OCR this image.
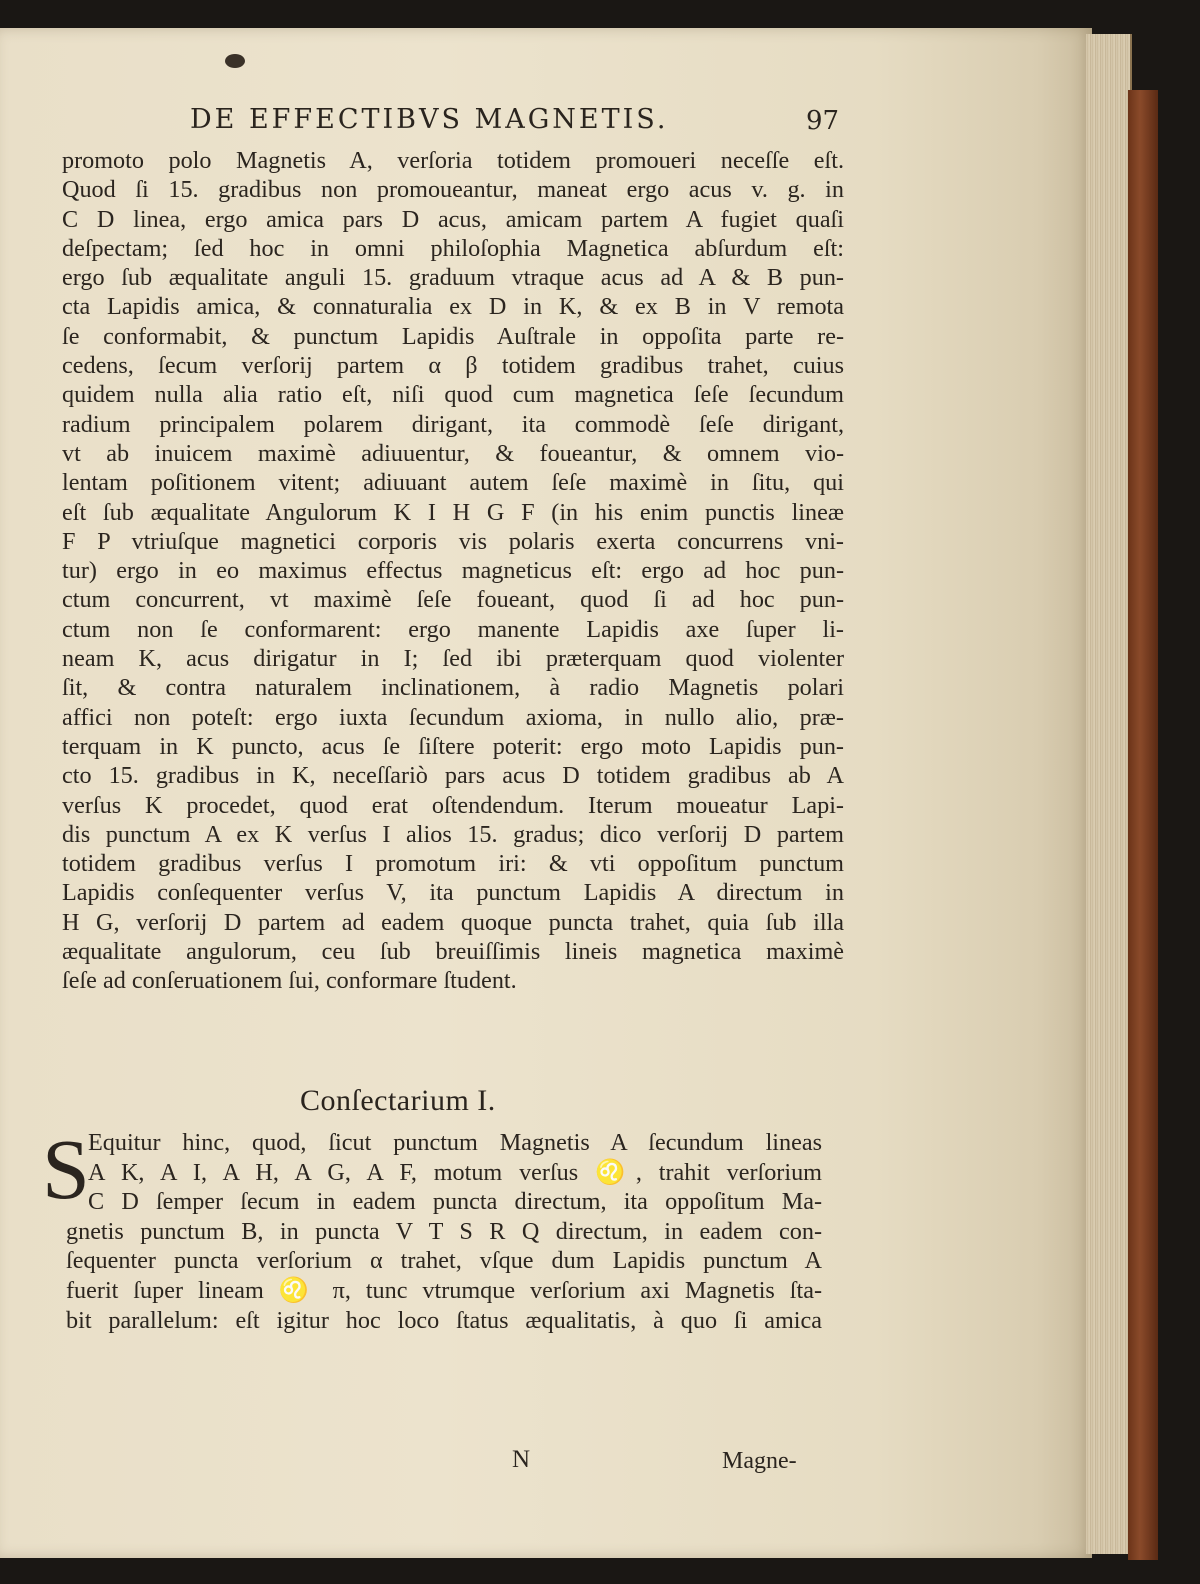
DE EFFECTIBVS MAGNETIS.	97
promoto polo Magnetis A, verſoria totidem promoueri neceſſe eſt.
Quod ſi 15. gradibus non promoueantur, maneat ergo acus v. g. in
C D linea, ergo amica pars D acus, amicam partem A fugiet quaſi
deſpectam; ſed hoc in omni philoſophia Magnetica abſurdum eſt:
ergo ſub æqualitate anguli 15. graduum vtraque acus ad A & B pun-
cta Lapidis amica, & connaturalia ex D in K, & ex B in V remota
ſe conformabit, & punctum Lapidis Auſtrale in oppoſita parte re-
cedens, ſecum verſorij partem α β totidem gradibus trahet, cuius
quidem nulla alia ratio eſt, niſi quod cum magnetica ſeſe ſecundum
radium principalem polarem dirigant, ita commodè ſeſe dirigant,
vt ab inuicem maximè adiuuentur, & foueantur, & omnem vio-
lentam poſitionem vitent; adiuuant autem ſeſe maximè in ſitu, qui
eſt ſub æqualitate Angulorum K I H G F (in his enim punctis lineæ
F P vtriuſque magnetici corporis vis polaris exerta concurrens vni-
tur) ergo in eo maximus effectus magneticus eſt: ergo ad hoc pun-
ctum concurrent, vt maximè ſeſe foueant, quod ſi ad hoc pun-
ctum non ſe conformarent: ergo manente Lapidis axe ſuper li-
neam K, acus dirigatur in I; ſed ibi præterquam quod violenter
ſit, & contra naturalem inclinationem, à radio Magnetis polari
affici non poteſt: ergo iuxta ſecundum axioma, in nullo alio, præ-
terquam in K puncto, acus ſe ſiſtere poterit: ergo moto Lapidis pun-
cto 15. gradibus in K, neceſſariò pars acus D totidem gradibus ab A
verſus K procedet, quod erat oſtendendum. Iterum moueatur Lapi-
dis punctum A ex K verſus I alios 15. gradus; dico verſorij D partem
totidem gradibus verſus I promotum iri: & vti oppoſitum punctum
Lapidis conſequenter verſus V, ita punctum Lapidis A directum in
H G, verſorij D partem ad eadem quoque puncta trahet, quia ſub illa
æqualitate angulorum, ceu ſub breuiſſimis lineis magnetica maximè
ſeſe ad conſeruationem ſui, conformare ſtudent.
Conſectarium I.
S
Equitur hinc, quod, ſicut punctum Magnetis A ſecundum lineas
A K, A I, A H, A G, A F, motum verſus ♌, trahit verſorium
C D ſemper ſecum in eadem puncta directum, ita oppoſitum Ma-
gnetis punctum B, in puncta V T S R Q directum, in eadem con-
ſequenter puncta verſorium α trahet, vſque dum Lapidis punctum A
fuerit ſuper lineam ♌ π, tunc vtrumque verſorium axi Magnetis ſta-
bit parallelum: eſt igitur hoc loco ſtatus æqualitatis, à quo ſi amica
N	Magne-
